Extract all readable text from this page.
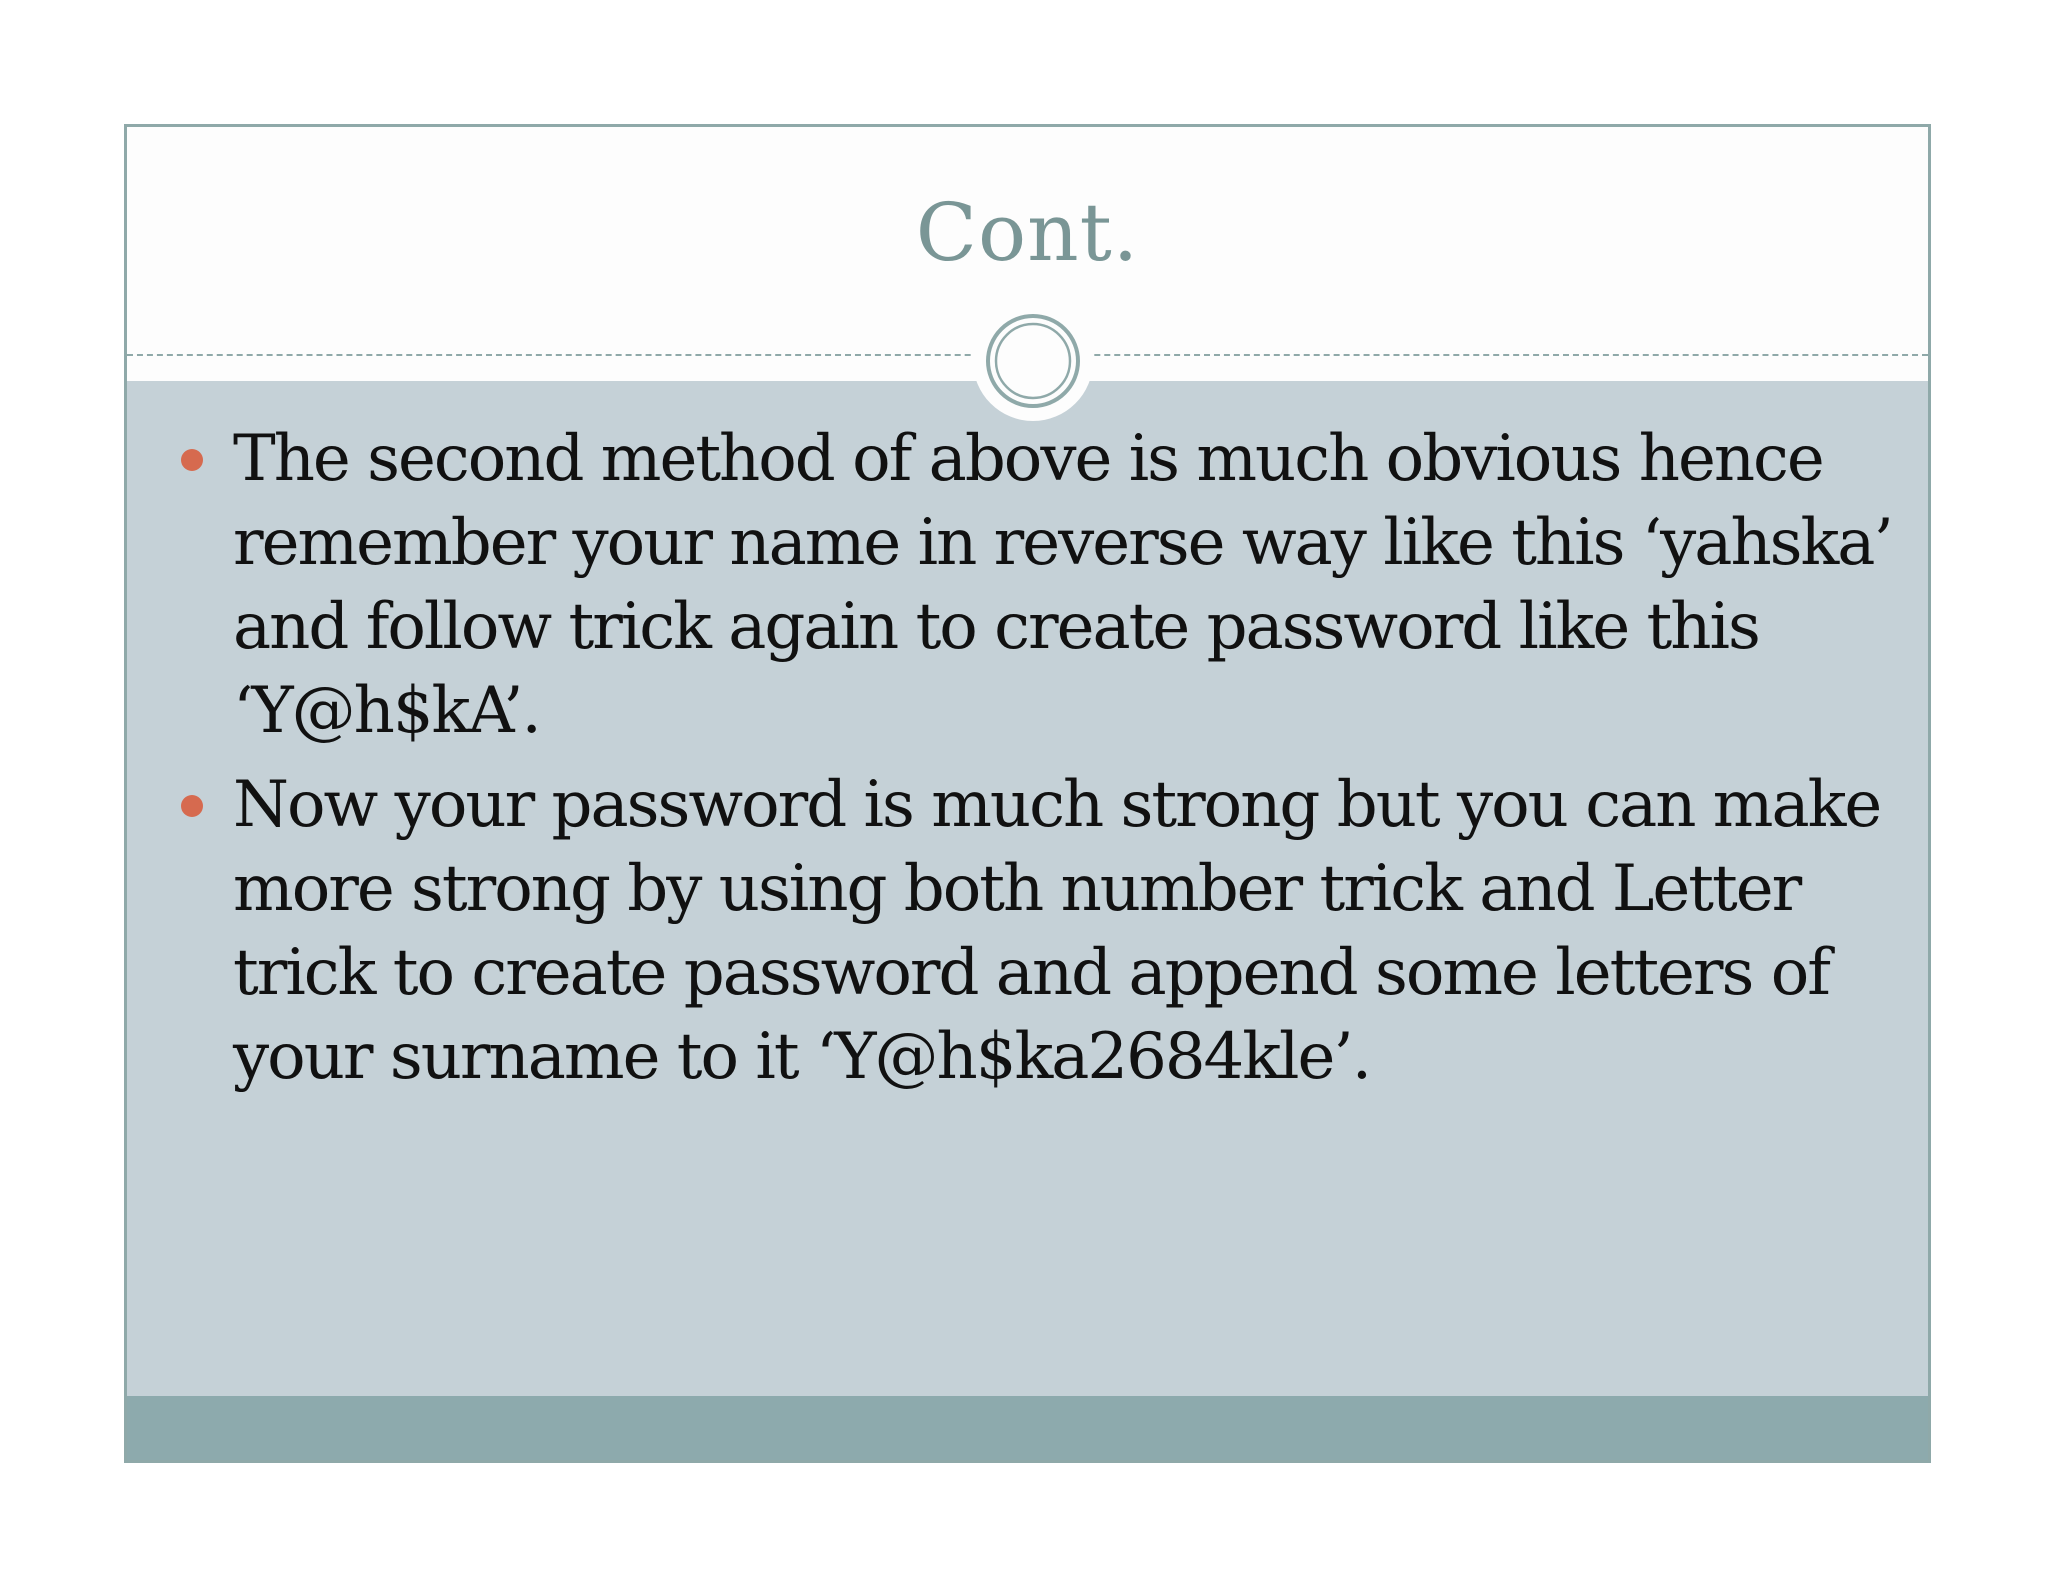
Cont.
The second method of above is much obvious hence remember your name in reverse way like this ‘yahska’ and follow trick again to create password like this ‘Y@h$kA’.
Now your password is much strong but you can make more strong by using both number trick and Letter trick to create password and append some letters of your surname to it ‘Y@h$ka2684kle’.
